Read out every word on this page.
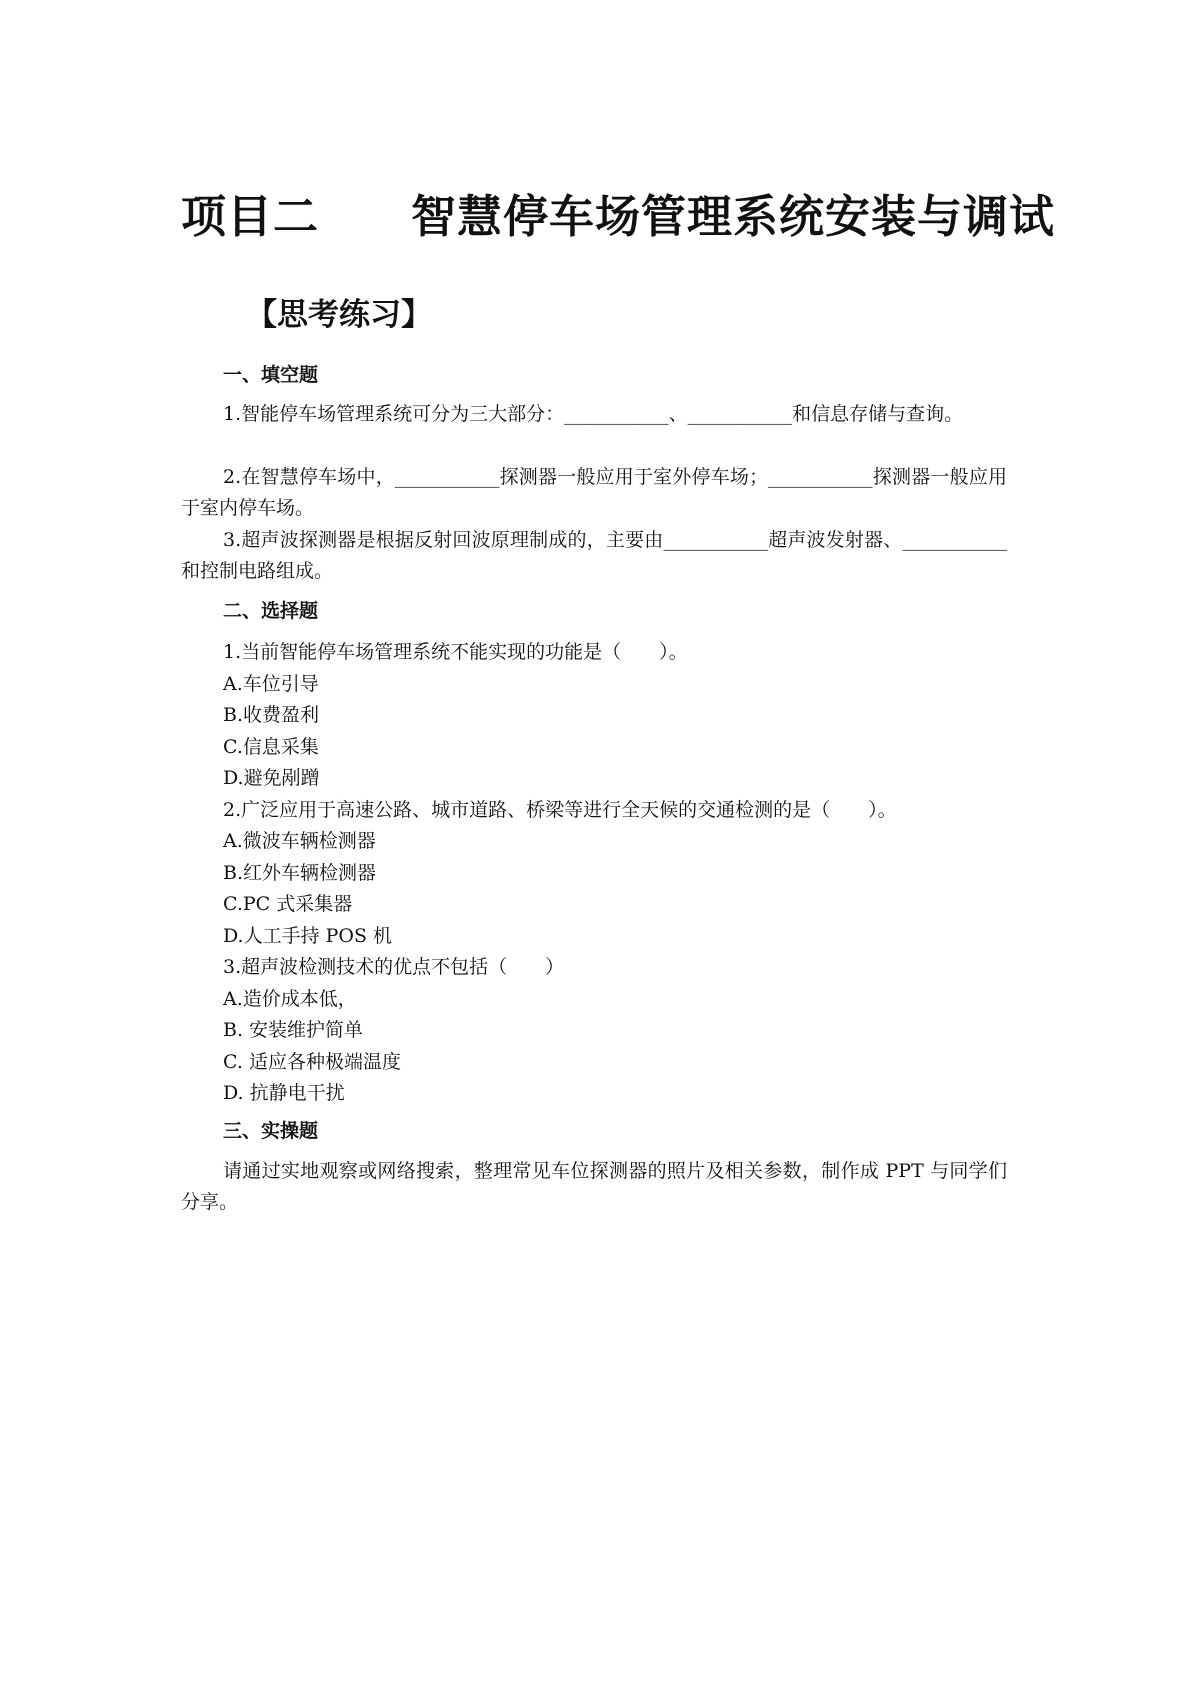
项目二　　智慧停车场管理系统安装与调试
【思考练习】
一、填空题

1.智能停车场管理系统可分为三大部分：___________、___________和信息存储与查询。

2.在智慧停车场中，___________探测器一般应用于室外停车场；___________探测器一般应用于室内停车场。

3.超声波探测器是根据反射回波原理制成的，主要由___________超声波发射器、___________和控制电路组成。

二、选择题

1.当前智能停车场管理系统不能实现的功能是（　　）。

A.车位引导

B.收费盈利

C.信息采集

D.避免剐蹭

2.广泛应用于高速公路、城市道路、桥梁等进行全天候的交通检测的是（　　）。

A.微波车辆检测器

B.红外车辆检测器

C.PC 式采集器

D.人工手持 POS 机

3.超声波检测技术的优点不包括（　　）

A.造价成本低，

B. 安装维护简单

C. 适应各种极端温度

D. 抗静电干扰

三、实操题

请通过实地观察或网络搜索，整理常见车位探测器的照片及相关参数，制作成 PPT 与同学们分享。
